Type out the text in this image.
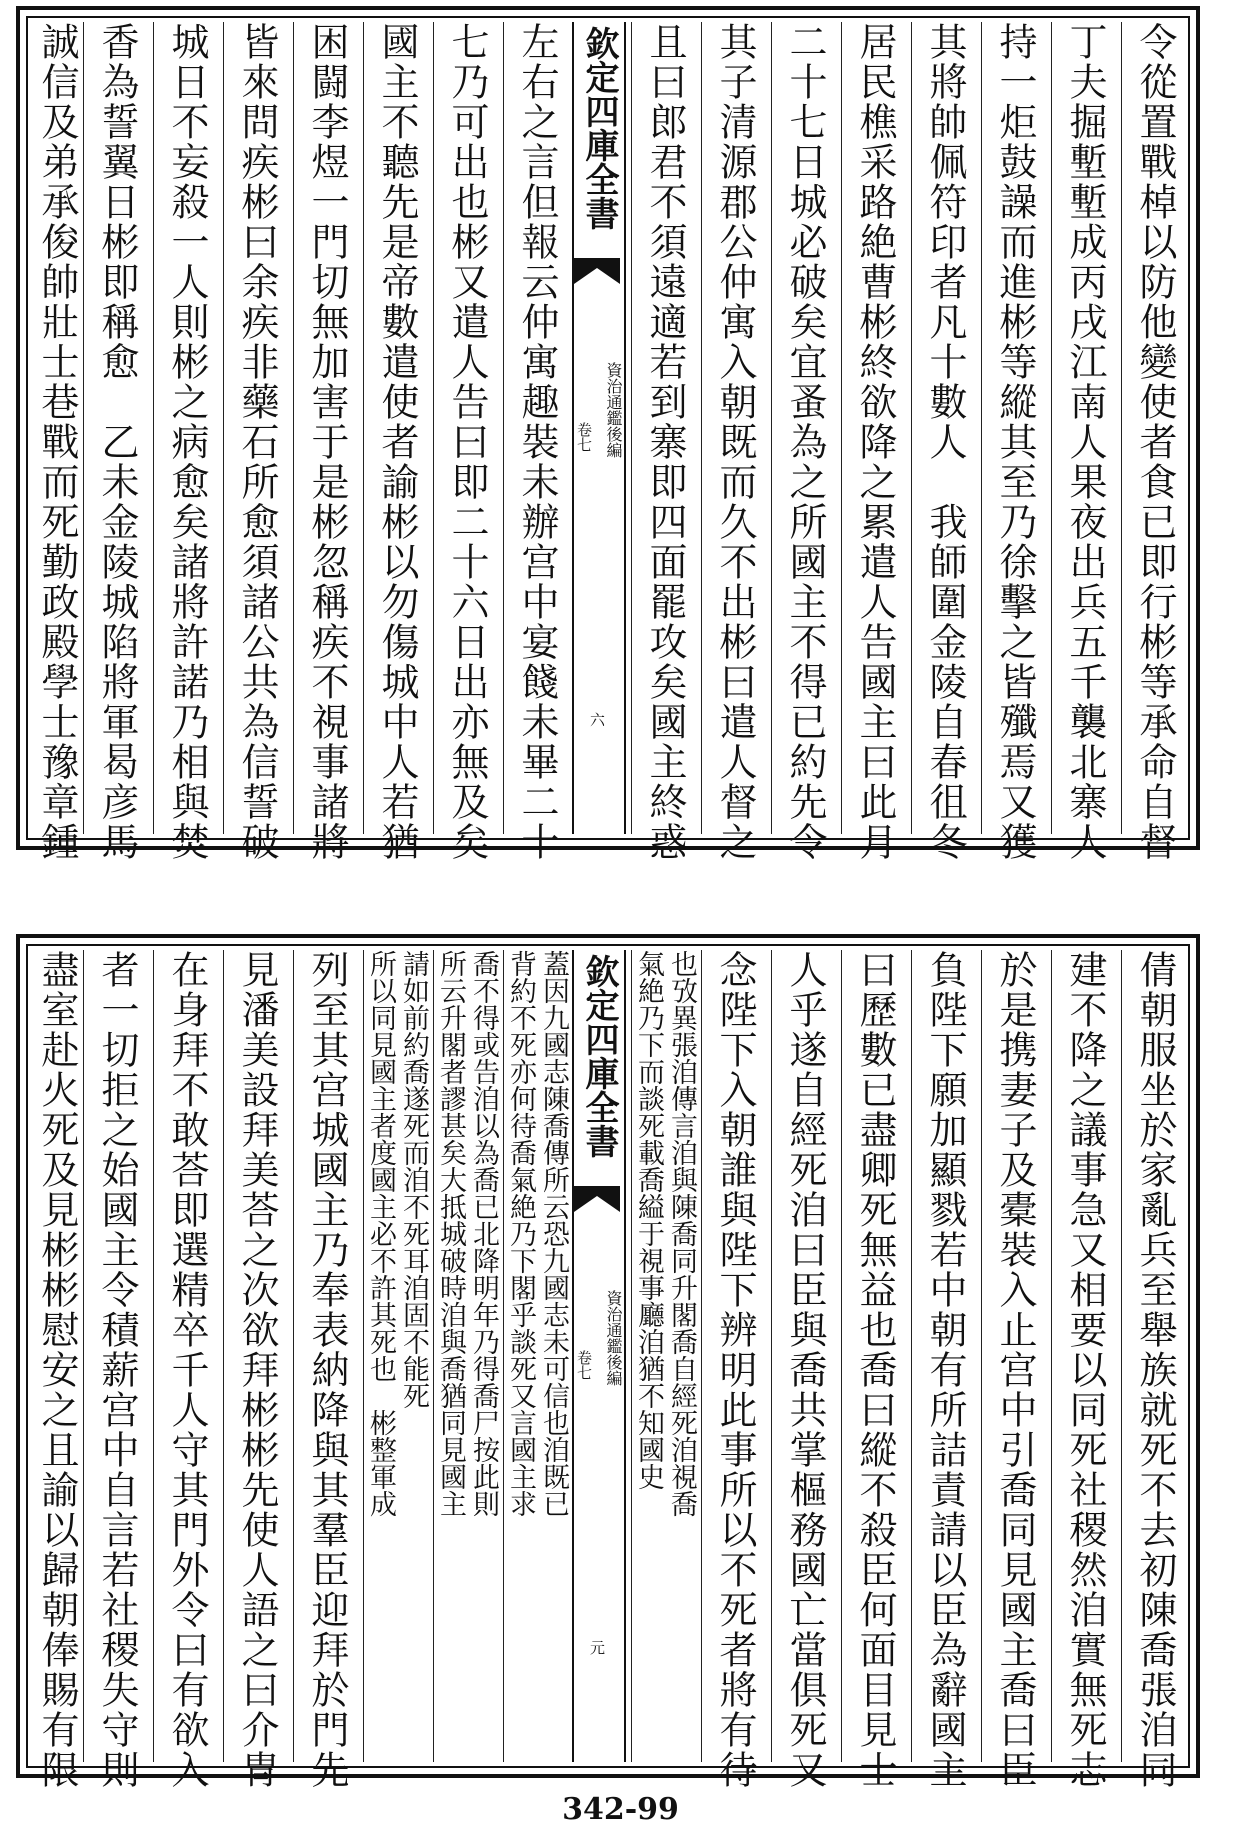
令從置戰棹以防他變使者食已即行彬等承命自督
丁夫掘塹塹成丙戌江南人果夜出兵五千襲北寨人
持一炬鼓譟而進彬等縱其至乃徐擊之皆殲焉又獲
其將帥佩符印者凡十數人　我師圍金陵自春徂冬
居民樵采路絶曹彬終欲降之累遣人告國主曰此月
二十七日城必破矣宜蚤為之所國主不得已約先令
其子清源郡公仲寓入朝既而久不出彬曰遣人督之
且曰郎君不須遠適若到寨即四面罷攻矣國主終惑
欽定四庫全書
資治通鑑後編
卷七
六
左右之言但報云仲寓趣裝未辦宫中宴餞未畢二十
七乃可出也彬又遣人告曰即二十六日出亦無及矣
國主不聽先是帝數遣使者諭彬以勿傷城中人若猶
困闘李煜一門切無加害于是彬忽稱疾不視事諸將
皆來問疾彬曰余疾非藥石所愈須諸公共為信誓破
城日不妄殺一人則彬之病愈矣諸將許諾乃相與焚
香為誓翼日彬即稱愈　乙未金陵城陷將軍曷彦馬
誠信及弟承俊帥壯士巷戰而死勤政殿學士豫章鍾
倩朝服坐於家亂兵至舉族就死不去初陳喬張洎同
建不降之議事急又相要以同死社稷然洎實無死志
於是携妻子及橐裝入止宫中引喬同見國主喬曰臣
負陛下願加顯戮若中朝有所詰責請以臣為辭國主
曰歷數已盡卿死無益也喬曰縱不殺臣何面目見士
人乎遂自經死洎曰臣與喬共掌樞務國亡當俱死又
念陛下入朝誰與陛下辨明此事所以不死者將有待
也攷異張洎傳言洎與陳喬同升閣喬自經死洎視喬
氣絶乃下而談死載喬縊于視事廳洎猶不知國史
欽定四庫全書
資治通鑑後編
卷七
元
蓋因九國志陳喬傳所云恐九國志未可信也洎既已
背約不死亦何待喬氣絶乃下閣乎談死又言國主求
喬不得或告洎以為喬已北降明年乃得喬尸按此則
所云升閣者謬甚矣大抵城破時洎與喬猶同見國主
請如前約喬遂死而洎不死耳洎固不能死
所以同見國主者度國主必不許其死也　彬整軍成
列至其宫城國主乃奉表納降與其羣臣迎拜於門先
見潘美設拜美荅之次欲拜彬彬先使人語之曰介冑
在身拜不敢荅即選精卒千人守其門外令曰有欲入
者一切拒之始國主令積薪宫中自言若社稷失守則
盡室赴火死及見彬彬慰安之且諭以歸朝俸賜有限
342-99
